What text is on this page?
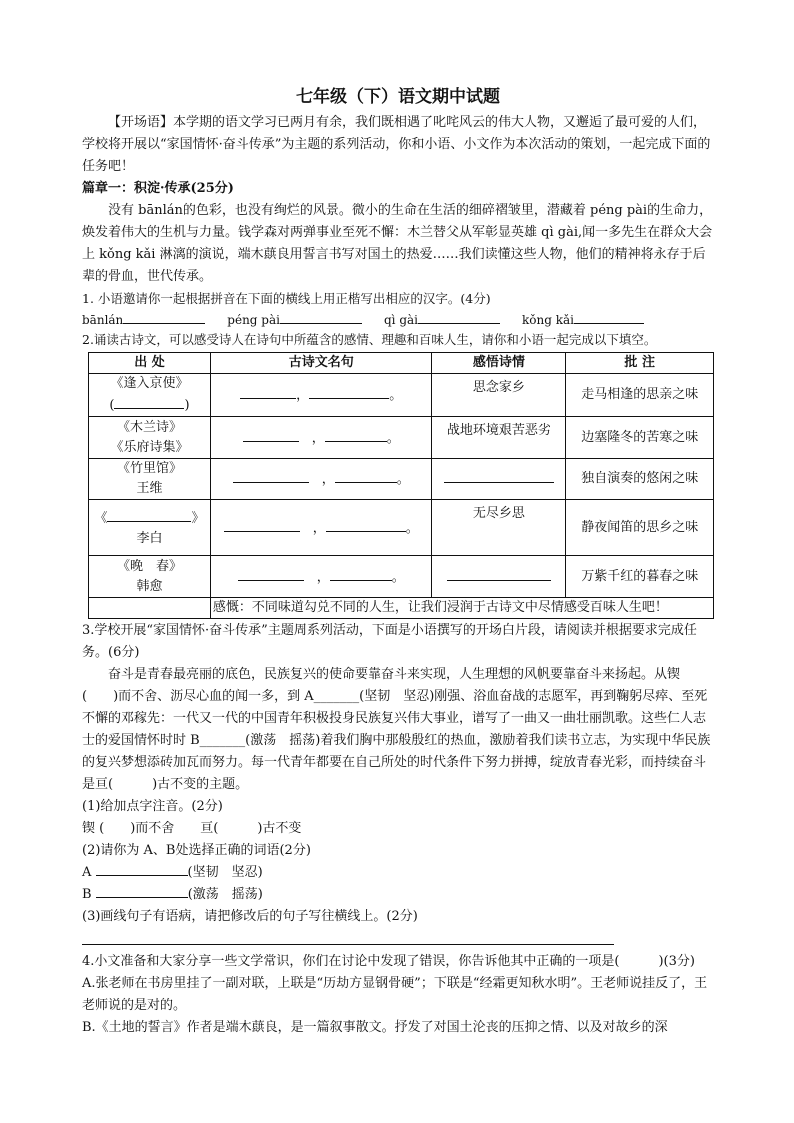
七年级（下）语文期中试题

【开场语】本学期的语文学习已两月有余，我们既相遇了叱咤风云的伟大人物，又邂逅了最可爱的人们，学校将开展以“家国情怀·奋斗传承”为主题的系列活动，你和小语、小文作为本次活动的策划，一起完成下面的任务吧！

篇章一：积淀·传承(25分)

没有 bānlán的色彩，也没有绚烂的风景。微小的生命在生活的细碎褶皱里，潜藏着 péng pài的生命力，焕发着伟大的生机与力量。钱学森对两弹事业至死不懈：木兰替父从军彰显英雄 qì gài,闻一多先生在群众大会上 kǒng kǎi 淋漓的演说，端木蕻良用誓言书写对国土的热爱……我们读懂这些人物，他们的精神将永存于后辈的骨血，世代传承。

1. 小语邀请你一起根据拼音在下面的横线上用正楷写出相应的汉字。(4分)

bānlán	péng pài	qì gài	kǒng kǎi

2.诵读古诗文，可以感受诗人在诗句中所蕴含的感情、理趣和百味人生，请你和小语一起完成以下填空。

出 处	古诗文名句	感悟诗情	批 注

《逢入京使》
( )	， 。	思念家乡	走马相逢的思亲之味

《木兰诗》
《乐府诗集》
	　， 。	战地环境艰苦恶劣	边塞隆冬的苦寒之味

《竹里馆》
王维
	　， 。		独自演奏的悠闲之味

《 》
李白
	　， 。	无尽乡思	静夜闻笛的思乡之味

《晚　春》
韩愈
	　， 。		万紫千红的暮春之味
	感慨：不同味道勾兑不同的人生，让我们浸润于古诗文中尽情感受百味人生吧！		

3.学校开展“家国情怀·奋斗传承”主题周系列活动，下面是小语撰写的开场白片段，请阅读并根据要求完成任务。(6分)

奋斗是青春最亮丽的底色，民族复兴的使命要靠奋斗来实现，人生理想的风帆要靠奋斗来扬起。从锲(　　)而不舍、沥尽心血的闻一多，到 A_______(坚韧　坚忍)刚强、浴血奋战的志愿军，再到鞠躬尽瘁、至死不懈的邓稼先：一代又一代的中国青年积极投身民族复兴伟大事业，谱写了一曲又一曲壮丽凯歌。这些仁人志士的爱国情怀时时 B_______(激荡　摇荡)着我们胸中那般殷红的热血，激励着我们读书立志，为实现中华民族的复兴梦想添砖加瓦而努力。每一代青年都要在自己所处的时代条件下努力拼搏，绽放青春光彩，而持续奋斗是亘(　　　)古不变的主题。

(1)给加点字注音。(2分)

锲 (　　)而不舍　　亘(　　　)古不变

(2)请你为 A、B处选择正确的词语(2分)

A	(坚韧　坚忍)

B	(激荡　摇荡)

(3)画线句子有语病，请把修改后的句子写往横线上。(2分)

4.小文准备和大家分享一些文学常识，你们在讨论中发现了错误，你告诉他其中正确的一项是(　　　)(3分)

A.张老师在书房里挂了一副对联，上联是“历劫方显钢骨硬”；下联是“经霜更知秋水明”。王老师说挂反了，王老师说的是对的。

B.《土地的誓言》作者是端木蕻良，是一篇叙事散文。抒发了对国土沦丧的压抑之情、以及对故乡的深
